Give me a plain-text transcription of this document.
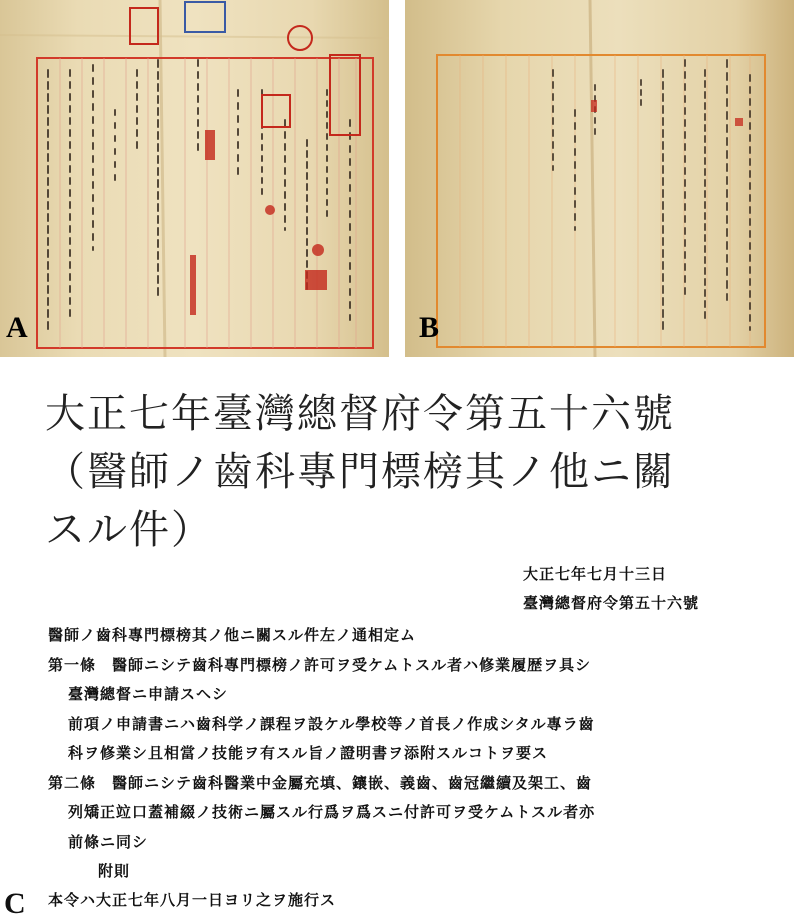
A	B
大正七年臺灣總督府令第五十六號
（醫師ノ齒科專門標榜其ノ他ニ關
スル件）
大正七年七月十三日
臺灣總督府令第五十六號
醫師ノ齒科專門標榜其ノ他ニ關スル件左ノ通相定ム
第一條　醫師ニシテ齒科專門標榜ノ許可ヲ受ケムトスル者ハ修業履歴ヲ具シ
臺灣總督ニ申請スヘシ
前項ノ申請書ニハ齒科学ノ課程ヲ設ケル學校等ノ首長ノ作成シタル專ラ齒
科ヲ修業シ且相當ノ技能ヲ有スル旨ノ證明書ヲ添附スルコトヲ要ス
第二條　醫師ニシテ齒科醫業中金屬充填、鑲嵌、義齒、齒冠繼續及架工、齒
列矯正竝口蓋補綴ノ技術ニ屬スル行爲ヲ爲スニ付許可ヲ受ケムトスル者亦
前條ニ同シ
附則
本令ハ大正七年八月一日ヨリ之ヲ施行ス
C
